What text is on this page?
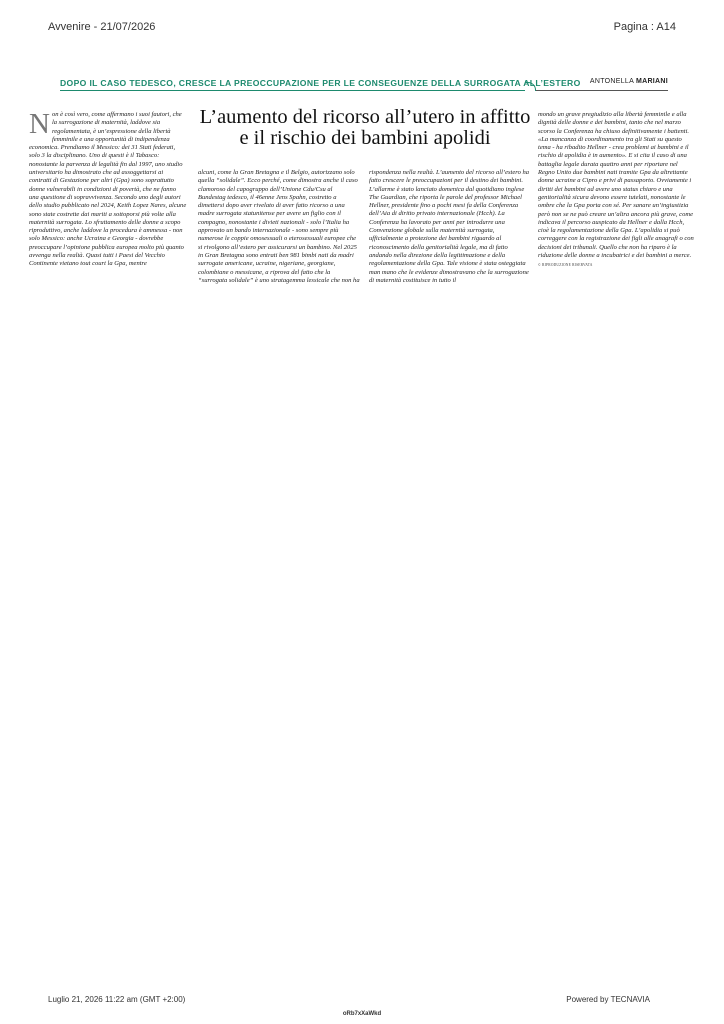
Avvenire - 21/07/2026	Pagina : A14
DOPO IL CASO TEDESCO, CRESCE LA PREOCCUPAZIONE PER LE CONSEGUENZE DELLA SURROGATA ALL’ESTERO ANTONELLA MARIANI
L’aumento del ricorso all’utero in affitto
e il rischio dei bambini apolidi

Non è così vero, come affermano i suoi fautori, che la surrogazione di maternità, laddove sia regolamentata, è un’espressione della libertà femminile e una opportunità di indipendenza economica. Prendiamo il Messico: dei 31 Stati federati, solo 3 la disciplinano. Uno di questi è il Tabasco: nonostante la parvenza di legalità fin dal 1997, uno studio universitario ha dimostrato che ad assoggettarsi ai contratti di Gestazione per altri (Gpa) sono soprattutto donne vulnerabili in condizioni di povertà, che ne fanno una questione di sopravvivenza. Secondo uno degli autori dello studio pubblicato nel 2024, Keith Lopez Nares, alcune sono state costrette dai mariti a sottoporsi più volte alla maternità surrogata. Lo sfruttamento delle donne a scopo riproduttivo, anche laddove la procedura è ammessa - non solo Messico: anche Ucraina e Georgia - dovrebbe preoccupare l’opinione pubblica europea molto più quanto avvenga nella realtà. Quasi tutti i Paesi del Vecchio Continente vietano tout court la Gpa, mentre

alcuni, come la Gran Bretagna e il Belgio, autorizzano solo quella “solidale”. Ecco perché, come dimostra anche il caso clamoroso del capogruppo dell’Unione Cdu/Csu al Bundestag tedesco, il 46enne Jens Spahn, costretto a dimettersi dopo aver rivelato di aver fatto ricorso a una madre surrogata statunitense per avere un figlio con il compagno, nonostante i divieti nazionali - solo l’Italia ha approvato un bando internazionale - sono sempre più numerose le coppie omosessuali o eterosessuali europee che si rivolgono all’estero per assicurarsi un bambino. Nel 2025 in Gran Bretagna sono entrati ben 981 bimbi nati da madri surrogate americane, ucraine, nigeriane, georgiane, colombiane o messicane, a riprova del fatto che la “surrogata solidale” è uno stratagemma lessicale che non ha

rispondenza nella realtà. L’aumento del ricorso all’estero ha fatto crescere le preoccupazioni per il destino dei bambini. L’allarme è stato lanciato domenica dal quotidiano inglese The Guardian, che riporta le parole del professor Michael Hellner, presidente fino a pochi mesi fa della Conferenza dell’Aia di diritto privato internazionale (Hcch). La Conferenza ha lavorato per anni per introdurre una Convenzione globale sulla maternità surrogata, ufficialmente a protezione dei bambini riguardo al riconoscimento della genitorialità legale, ma di fatto andando nella direzione della legittimazione e della regolamentazione della Gpa. Tale visione è stata osteggiata man mano che le evidenze dimostravano che la surrogazione di maternità costituisce in tutto il

mondo un grave pregiudizio alla libertà femminile e alla dignità delle donne e dei bambini, tanto che nel marzo scorso la Conferenza ha chiuso definitivamente i battenti. «La mancanza di coordinamento tra gli Stati su questo tema - ha ribadito Hellner - crea problemi ai bambini e il rischio di apolidia è in aumento». E si cita il caso di una battaglia legale durata quattro anni per riportare nel Regno Unito due bambini nati tramite Gpa da altrettante donne ucraine a Cipro e privi di passaporto. Ovviamente i diritti dei bambini ad avere uno status chiaro e una genitorialità sicura devono essere tutelati, nonostante le ombre che la Gpa porta con sé. Per sanare un’ingiustizia però non se ne può creare un’altra ancora più grave, come indicava il percorso auspicato da Hellner e dalla Hcch, cioè la regolamentazione della Gpa. L’apolidia si può correggere con la registrazione dei figli alle anagrafi o con decisioni dei tribunali. Quello che non ha riparo è la riduzione delle donne a incubatrici e dei bambini a merce.

© RIPRODUZIONE RISERVATA

Luglio 21, 2026 11:22 am (GMT +2:00)	Powered by TECNAVIA
oRb7xXaWkd
